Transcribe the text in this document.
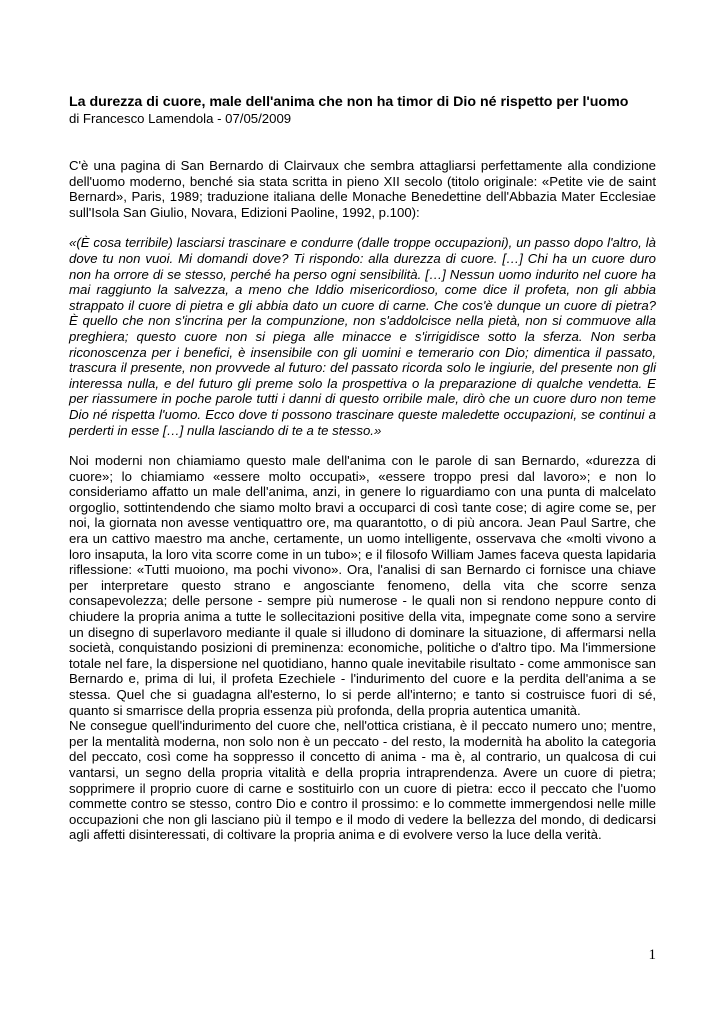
La durezza di cuore, male dell'anima che non ha timor di Dio né rispetto per l'uomo
di Francesco Lamendola - 07/05/2009

C'è una pagina di San Bernardo di Clairvaux che sembra attagliarsi perfettamente alla condizione dell'uomo moderno, benché sia stata scritta in pieno XII secolo (titolo originale: «Petite vie de saint Bernard», Paris, 1989; traduzione italiana delle Monache Benedettine dell'Abbazia Mater Ecclesiae sull'Isola San Giulio, Novara, Edizioni Paoline, 1992, p.100):

«(È cosa terribile) lasciarsi trascinare e condurre (dalle troppe occupazioni), un passo dopo l'altro, là dove tu non vuoi. Mi domandi dove? Ti rispondo: alla durezza di cuore. […] Chi ha un cuore duro non ha orrore di se stesso, perché ha perso ogni sensibilità. […] Nessun uomo indurito nel cuore ha mai raggiunto la salvezza, a meno che Iddio misericordioso, come dice il profeta, non gli abbia strappato il cuore di pietra e gli abbia dato un cuore di carne. Che cos'è dunque un cuore di pietra? È quello che non s'incrina per la compunzione, non s'addolcisce nella pietà, non si commuove alla preghiera; questo cuore non si piega alle minacce e s'irrigidisce sotto la sferza. Non serba riconoscenza per i benefici, è insensibile con gli uomini e temerario con Dio; dimentica il passato, trascura il presente, non provvede al futuro: del passato ricorda solo le ingiurie, del presente non gli interessa nulla, e del futuro gli preme solo la prospettiva o la preparazione di qualche vendetta. E per riassumere in poche parole tutti i danni di questo orribile male, dirò che un cuore duro non teme Dio né rispetta l'uomo. Ecco dove ti possono trascinare queste maledette occupazioni, se continui a perderti in esse […] nulla lasciando di te a te stesso.»

Noi moderni non chiamiamo questo male dell'anima con le parole di san Bernardo, «durezza di cuore»; lo chiamiamo «essere molto occupati», «essere troppo presi dal lavoro»; e non lo consideriamo affatto un male dell'anima, anzi, in genere lo riguardiamo con una punta di malcelato orgoglio, sottintendendo che siamo molto bravi a occuparci di così tante cose; di agire come se, per noi, la giornata non avesse ventiquattro ore, ma quarantotto, o di più ancora. Jean Paul Sartre, che era un cattivo maestro ma anche, certamente, un uomo intelligente, osservava che «molti vivono a loro insaputa, la loro vita scorre come in un tubo»; e il filosofo William James faceva questa lapidaria riflessione: «Tutti muoiono, ma pochi vivono». Ora, l'analisi di san Bernardo ci fornisce una chiave per interpretare questo strano e angosciante fenomeno, della vita che scorre senza consapevolezza; delle persone - sempre più numerose - le quali non si rendono neppure conto di chiudere la propria anima a tutte le sollecitazioni positive della vita, impegnate come sono a servire un disegno di superlavoro mediante il quale si illudono di dominare la situazione, di affermarsi nella società, conquistando posizioni di preminenza: economiche, politiche o d'altro tipo. Ma l'immersione totale nel fare, la dispersione nel quotidiano, hanno quale inevitabile risultato - come ammonisce san Bernardo e, prima di lui, il profeta Ezechiele - l'indurimento del cuore e la perdita dell'anima a se stessa. Quel che si guadagna all'esterno, lo si perde all'interno; e tanto si costruisce fuori di sé, quanto si smarrisce della propria essenza più profonda, della propria autentica umanità.

Ne consegue quell'indurimento del cuore che, nell'ottica cristiana, è il peccato numero uno; mentre, per la mentalità moderna, non solo non è un peccato - del resto, la modernità ha abolito la categoria del peccato, così come ha soppresso il concetto di anima - ma è, al contrario, un qualcosa di cui vantarsi, un segno della propria vitalità e della propria intraprendenza. Avere un cuore di pietra; sopprimere il proprio cuore di carne e sostituirlo con un cuore di pietra: ecco il peccato che l'uomo commette contro se stesso, contro Dio e contro il prossimo: e lo commette immergendosi nelle mille occupazioni che non gli lasciano più il tempo e il modo di vedere la bellezza del mondo, di dedicarsi agli affetti disinteressati, di coltivare la propria anima e di evolvere verso la luce della verità.

1
